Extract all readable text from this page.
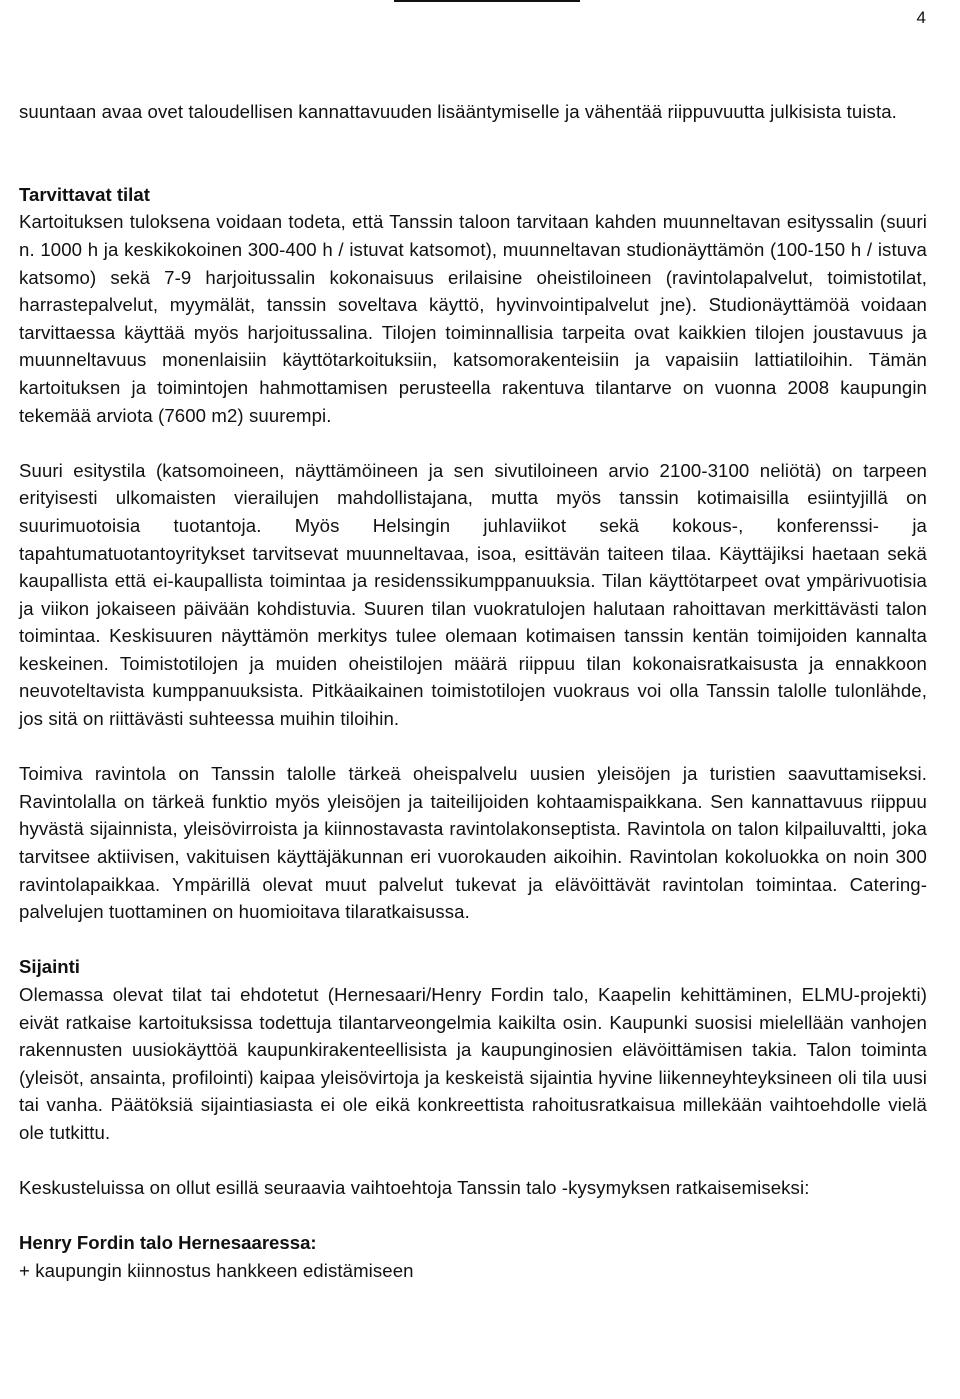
4

suuntaan avaa ovet taloudellisen kannattavuuden lisääntymiselle ja vähentää riippuvuutta julkisista tuista.

Tarvittavat tilat

Kartoituksen tuloksena voidaan todeta, että Tanssin taloon tarvitaan kahden muunneltavan esityssalin (suuri n. 1000 h ja keskikokoinen 300-400 h / istuvat katsomot), muunneltavan studionäyttämön (100-150 h / istuva katsomo) sekä 7-9 harjoitussalin kokonaisuus erilaisine oheistiloineen (ravintolapalvelut, toimistotilat, harrastepalvelut, myymälät, tanssin soveltava käyttö, hyvinvointipalvelut jne). Studionäyttämöä voidaan tarvittaessa käyttää myös harjoitussalina. Tilojen toiminnallisia tarpeita ovat kaikkien tilojen joustavuus ja muunneltavuus monenlaisiin käyttötarkoituksiin, katsomorakenteisiin ja vapaisiin lattiatiloihin. Tämän kartoituksen ja toimintojen hahmottamisen perusteella rakentuva tilantarve on vuonna 2008 kaupungin tekemää arviota (7600 m2) suurempi.

Suuri esitystila (katsomoineen, näyttämöineen ja sen sivutiloineen arvio 2100-3100 neliötä) on tarpeen erityisesti ulkomaisten vierailujen mahdollistajana, mutta myös tanssin kotimaisilla esiintyjillä on suurimuotoisia tuotantoja. Myös Helsingin juhlaviikot sekä kokous-, konferenssi- ja tapahtumatuotantoyritykset tarvitsevat muunneltavaa, isoa, esittävän taiteen tilaa. Käyttäjiksi haetaan sekä kaupallista että ei-kaupallista toimintaa ja residenssikumppanuuksia. Tilan käyttötarpeet ovat ympärivuotisia ja viikon jokaiseen päivään kohdistuvia. Suuren tilan vuokratulojen halutaan rahoittavan merkittävästi talon toimintaa. Keskisuuren näyttämön merkitys tulee olemaan kotimaisen tanssin kentän toimijoiden kannalta keskeinen. Toimistotilojen ja muiden oheistilojen määrä riippuu tilan kokonaisratkaisusta ja ennakkoon neuvoteltavista kumppanuuksista. Pitkäaikainen toimistotilojen vuokraus voi olla Tanssin talolle tulonlähde, jos sitä on riittävästi suhteessa muihin tiloihin.

Toimiva ravintola on Tanssin talolle tärkeä oheispalvelu uusien yleisöjen ja turistien saavuttamiseksi. Ravintolalla on tärkeä funktio myös yleisöjen ja taiteilijoiden kohtaamispaikkana. Sen kannattavuus riippuu hyvästä sijainnista, yleisövirroista ja kiinnostavasta ravintolakonseptista. Ravintola on talon kilpailuvaltti, joka tarvitsee aktiivisen, vakituisen käyttäjäkunnan eri vuorokauden aikoihin. Ravintolan kokoluokka on noin 300 ravintolapaikkaa. Ympärillä olevat muut palvelut tukevat ja elävöittävät ravintolan toimintaa. Catering-palvelujen tuottaminen on huomioitava tilaratkaisussa.

Sijainti

Olemassa olevat tilat tai ehdotetut (Hernesaari/Henry Fordin talo, Kaapelin kehittäminen, ELMU-projekti) eivät ratkaise kartoituksissa todettuja tilantarveongelmia kaikilta osin. Kaupunki suosisi mielellään vanhojen rakennusten uusiokäyttöä kaupunkirakenteellisista ja kaupunginosien elävöittämisen takia. Talon toiminta (yleisöt, ansainta, profilointi) kaipaa yleisövirtoja ja keskeistä sijaintia hyvine liikenneyhteyksineen oli tila uusi tai vanha. Päätöksiä sijaintiasiasta ei ole eikä konkreettista rahoitusratkaisua millekään vaihtoehdolle vielä ole tutkittu.

Keskusteluissa on ollut esillä seuraavia vaihtoehtoja Tanssin talo -kysymyksen ratkaisemiseksi:

Henry Fordin talo Hernesaaressa:

+ kaupungin kiinnostus hankkeen edistämiseen
